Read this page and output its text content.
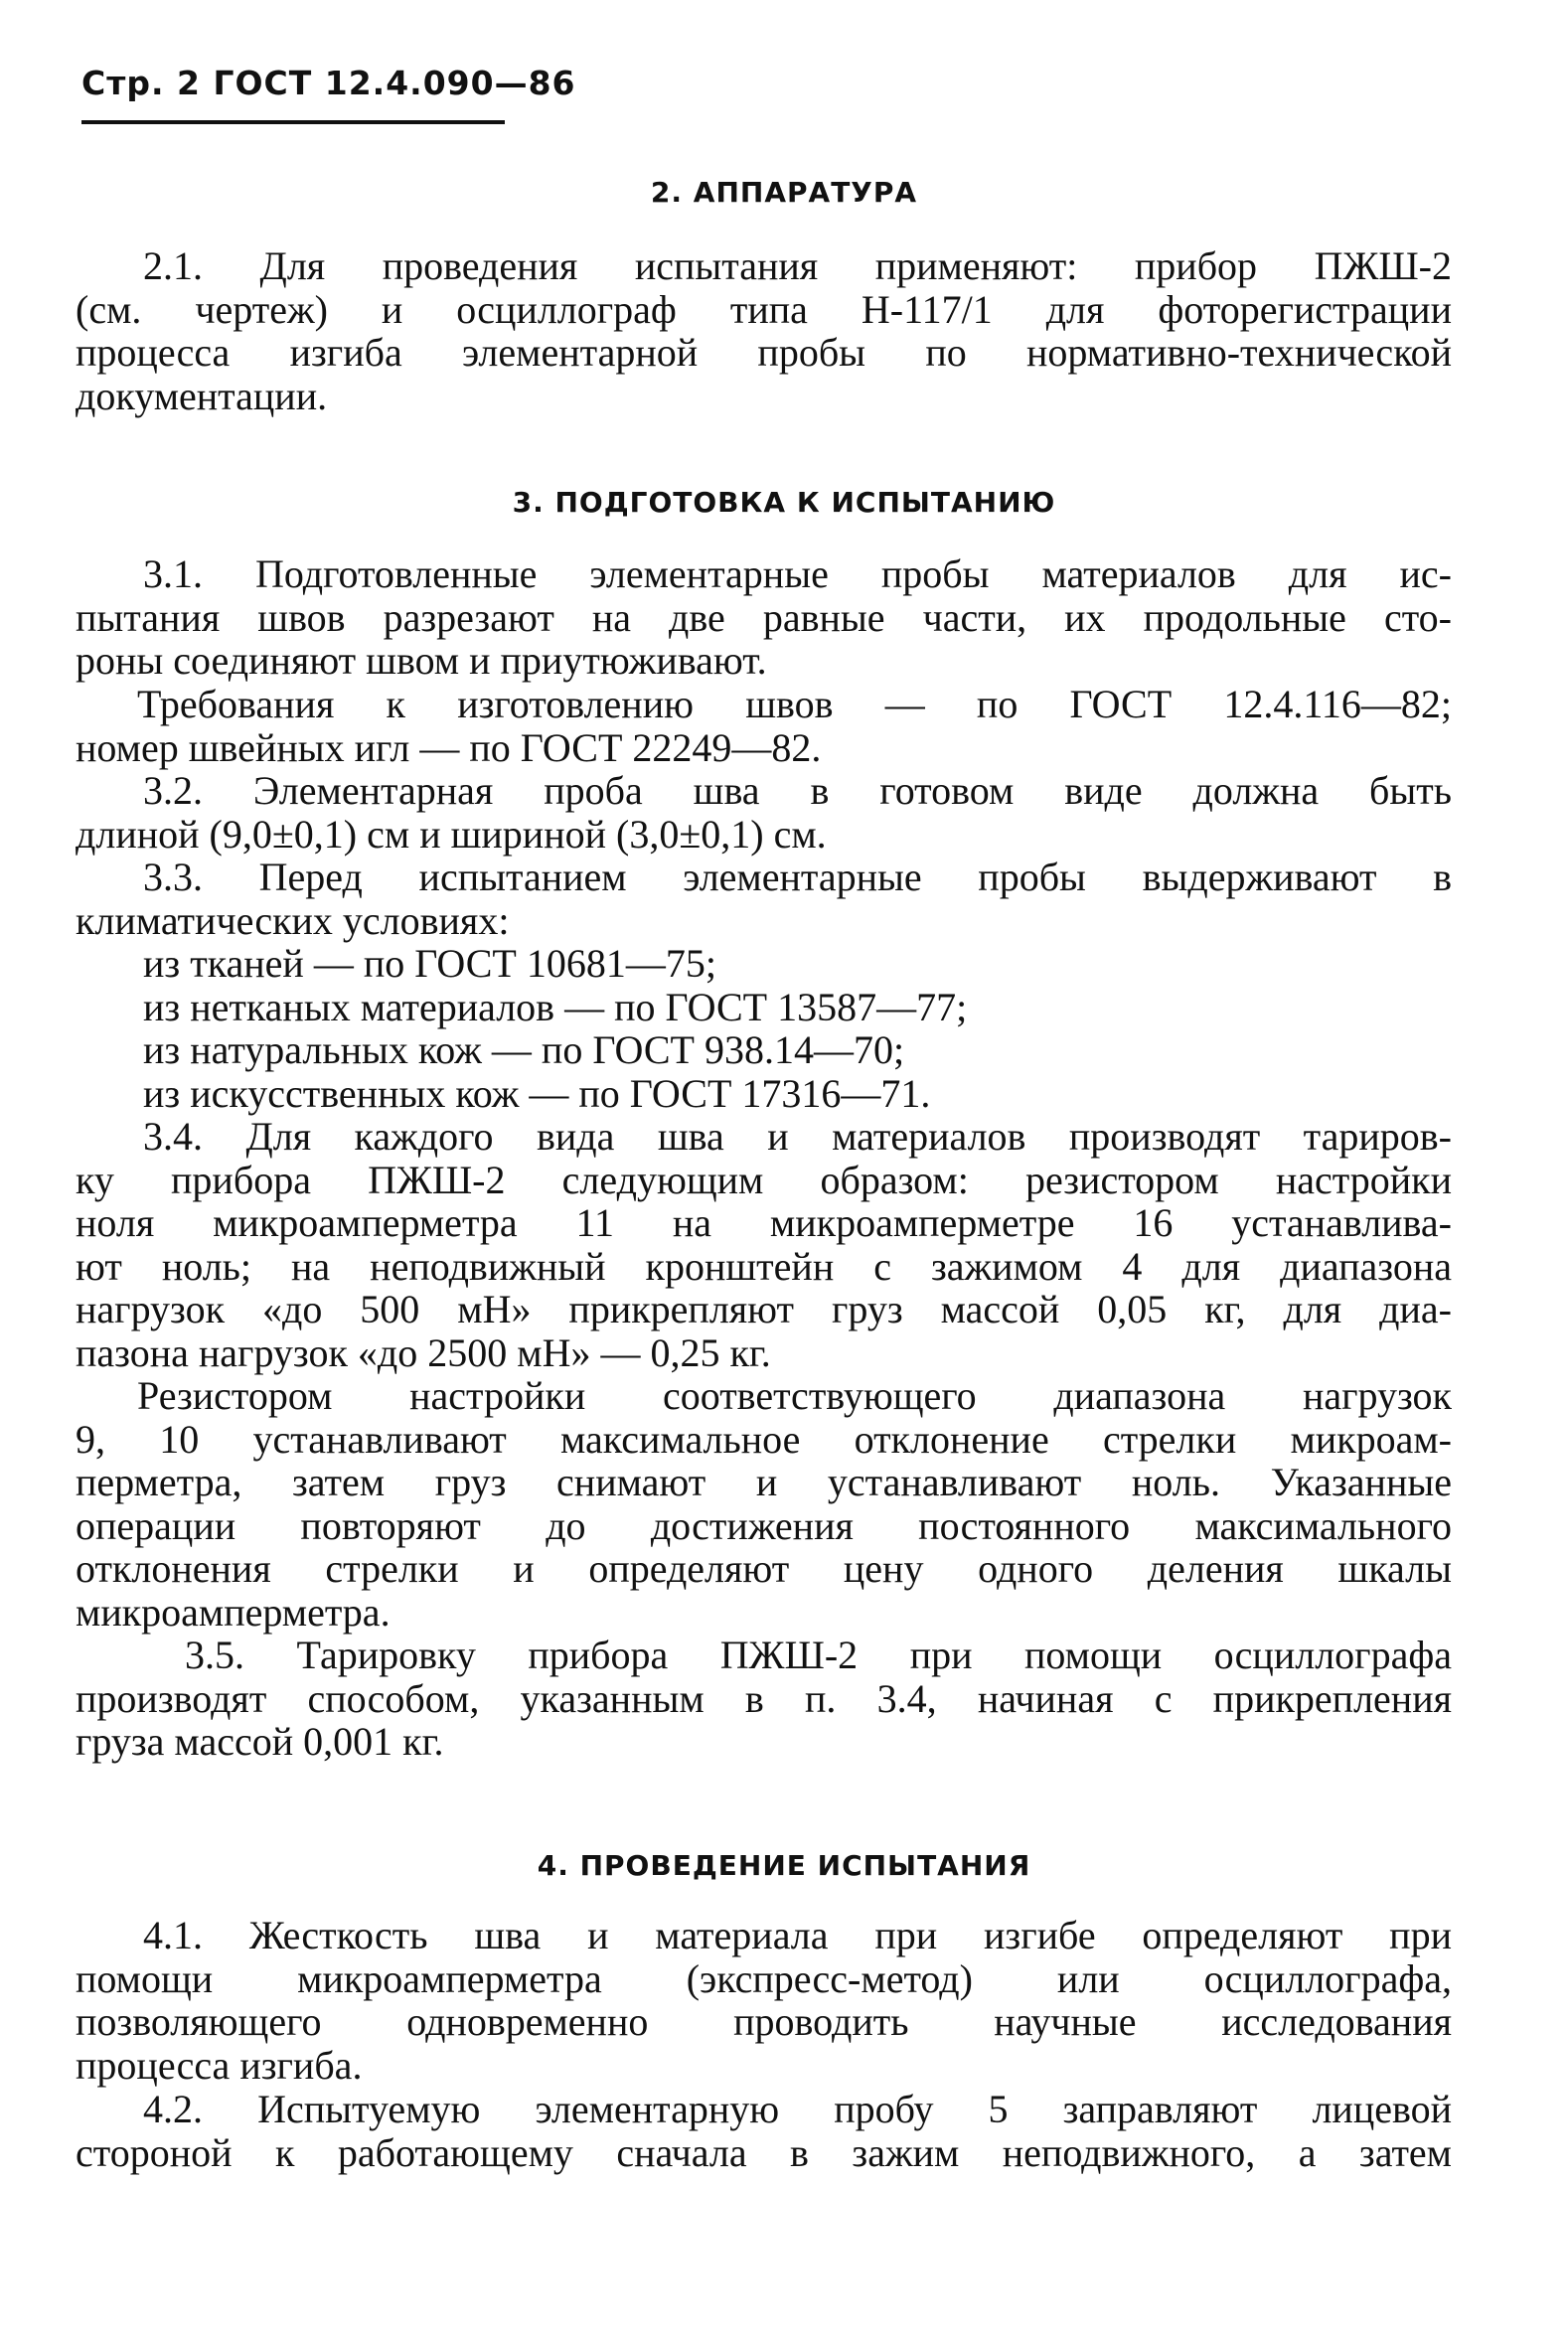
Стр. 2 ГОСТ 12.4.090—86
2. АППАРАТУРА
2.1. Для проведения испытания применяют: прибор ПЖШ-2
(см. чертеж) и осциллограф типа Н-117/1 для фоторегистрации
процесса изгиба элементарной пробы по нормативно-технической
документации.
3. ПОДГОТОВКА К ИСПЫТАНИЮ
3.1. Подготовленные элементарные пробы материалов для ис-
пытания швов разрезают на две равные части, их продольные сто-
роны соединяют швом и приутюживают.
Требования к изготовлению швов — по ГОСТ 12.4.116—82;
номер швейных игл — по ГОСТ 22249—82.
3.2. Элементарная проба шва в готовом виде должна быть
длиной (9,0±0,1) см и шириной (3,0±0,1) см.
3.3. Перед испытанием элементарные пробы выдерживают в
климатических условиях:
из тканей — по ГОСТ 10681—75;
из нетканых материалов — по ГОСТ 13587—77;
из натуральных кож — по ГОСТ 938.14—70;
из искусственных кож — по ГОСТ 17316—71.
3.4. Для каждого вида шва и материалов производят тариров-
ку прибора ПЖШ-2 следующим образом: резистором настройки
ноля микроамперметра 11 на микроамперметре 16 устанавлива-
ют ноль; на неподвижный кронштейн с зажимом 4 для диапазона
нагрузок «до 500 мН» прикрепляют груз массой 0,05 кг, для диа-
пазона нагрузок «до 2500 мН» — 0,25 кг.
Резистором настройки соответствующего диапазона нагрузок
9, 10 устанавливают максимальное отклонение стрелки микроам-
перметра, затем груз снимают и устанавливают ноль. Указанные
операции повторяют до достижения постоянного максимального
отклонения стрелки и определяют цену одного деления шкалы
микроамперметра.
3.5. Тарировку прибора ПЖШ-2 при помощи осциллографа
производят способом, указанным в п. 3.4, начиная с прикрепления
груза массой 0,001 кг.
4. ПРОВЕДЕНИЕ ИСПЫТАНИЯ
4.1. Жесткость шва и материала при изгибе определяют при
помощи микроамперметра (экспресс-метод) или осциллографа,
позволяющего одновременно проводить научные исследования
процесса изгиба.
4.2. Испытуемую элементарную пробу 5 заправляют лицевой
стороной к работающему сначала в зажим неподвижного, а затем
